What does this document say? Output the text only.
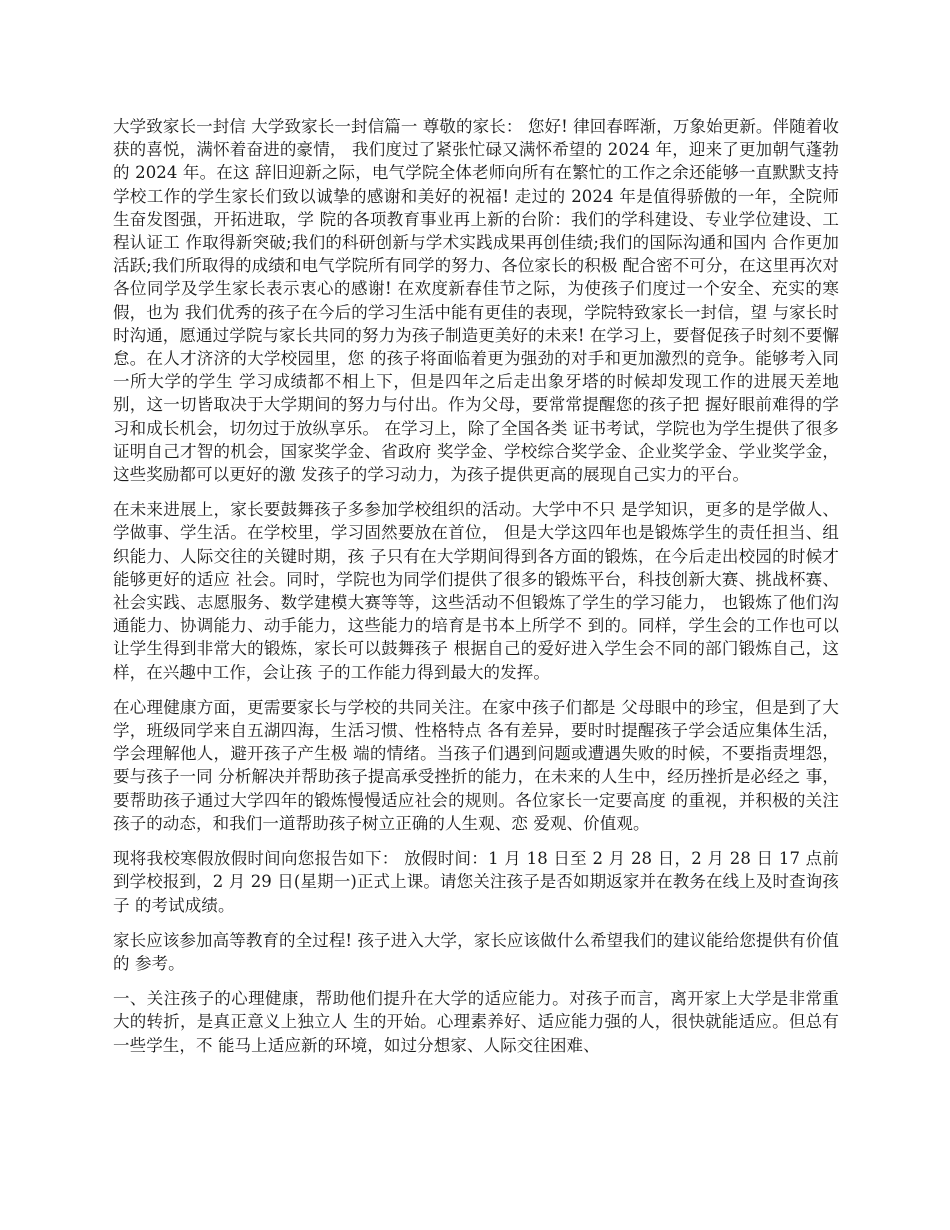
大学致家长一封信 大学致家长一封信篇一 尊敬的家长： 您好! 律回春晖渐，万象始更新。伴随着收获的喜悦，满怀着奋进的豪情， 我们度过了紧张忙碌又满怀希望的 2024 年，迎来了更加朝气蓬勃的 2024 年。在这 辞旧迎新之际，电气学院全体老师向所有在繁忙的工作之余还能够一直默默支持 学校工作的学生家长们致以诚挚的感谢和美好的祝福! 走过的 2024 年是值得骄傲的一年，全院师生奋发图强，开拓进取，学 院的各项教育事业再上新的台阶：我们的学科建设、专业学位建设、工程认证工 作取得新突破;我们的科研创新与学术实践成果再创佳绩;我们的国际沟通和国内 合作更加活跃;我们所取得的成绩和电气学院所有同学的努力、各位家长的积极 配合密不可分，在这里再次对各位同学及学生家长表示衷心的感谢! 在欢度新春佳节之际，为使孩子们度过一个安全、充实的寒假，也为 我们优秀的孩子在今后的学习生活中能有更佳的表现，学院特致家长一封信，望 与家长时时沟通，愿通过学院与家长共同的努力为孩子制造更美好的未来! 在学习上，要督促孩子时刻不要懈怠。在人才济济的大学校园里，您 的孩子将面临着更为强劲的对手和更加激烈的竞争。能够考入同一所大学的学生 学习成绩都不相上下，但是四年之后走出象牙塔的时候却发现工作的进展天差地 别，这一切皆取决于大学期间的努力与付出。作为父母，要常常提醒您的孩子把 握好眼前难得的学习和成长机会，切勿过于放纵享乐。 在学习上，除了全国各类 证书考试，学院也为学生提供了很多证明自己才智的机会，国家奖学金、省政府 奖学金、学校综合奖学金、企业奖学金、学业奖学金，这些奖励都可以更好的激 发孩子的学习动力，为孩子提供更高的展现自己实力的平台。

在未来进展上，家长要鼓舞孩子多参加学校组织的活动。大学中不只 是学知识，更多的是学做人、学做事、学生活。在学校里，学习固然要放在首位， 但是大学这四年也是锻炼学生的责任担当、组织能力、人际交往的关键时期，孩 子只有在大学期间得到各方面的锻炼，在今后走出校园的时候才能够更好的适应 社会。同时，学院也为同学们提供了很多的锻炼平台，科技创新大赛、挑战杯赛、 社会实践、志愿服务、数学建模大赛等等，这些活动不但锻炼了学生的学习能力， 也锻炼了他们沟通能力、协调能力、动手能力，这些能力的培育是书本上所学不 到的。同样，学生会的工作也可以让学生得到非常大的锻炼，家长可以鼓舞孩子 根据自己的爱好进入学生会不同的部门锻炼自己，这样，在兴趣中工作，会让孩 子的工作能力得到最大的发挥。

在心理健康方面，更需要家长与学校的共同关注。在家中孩子们都是 父母眼中的珍宝，但是到了大学，班级同学来自五湖四海，生活习惯、性格特点 各有差异，要时时提醒孩子学会适应集体生活，学会理解他人，避开孩子产生极 端的情绪。当孩子们遇到问题或遭遇失败的时候，不要指责埋怨，要与孩子一同 分析解决并帮助孩子提高承受挫折的能力，在未来的人生中，经历挫折是必经之 事，要帮助孩子通过大学四年的锻炼慢慢适应社会的规则。各位家长一定要高度 的重视，并积极的关注孩子的动态，和我们一道帮助孩子树立正确的人生观、恋 爱观、价值观。

现将我校寒假放假时间向您报告如下： 放假时间：1 月 18 日至 2 月 28 日，2 月 28 日 17 点前到学校报到，2 月 29 日(星期一)正式上课。请您关注孩子是否如期返家并在教务在线上及时查询孩子 的考试成绩。

家长应该参加高等教育的全过程! 孩子进入大学，家长应该做什么希望我们的建议能给您提供有价值的 参考。

一、关注孩子的心理健康，帮助他们提升在大学的适应能力。对孩子而言，离开家上大学是非常重大的转折，是真正意义上独立人 生的开始。心理素养好、适应能力强的人，很快就能适应。但总有一些学生，不 能马上适应新的环境，如过分想家、人际交往困难、
